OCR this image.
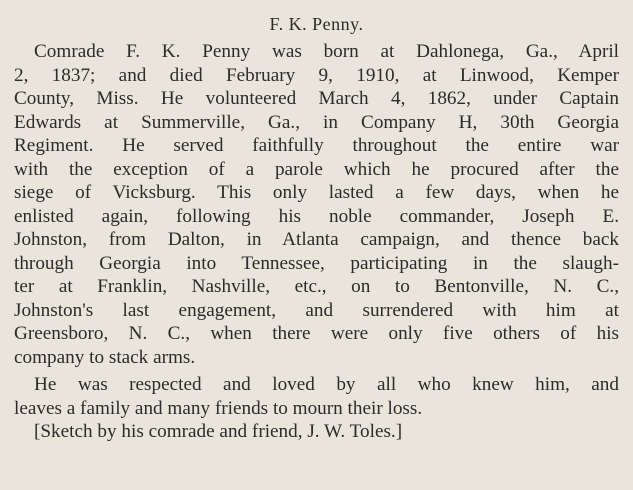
F. K. Penny.
Comrade F. K. Penny was born at Dahlonega, Ga., April
2, 1837; and died February 9, 1910, at Linwood, Kemper
County, Miss. He volunteered March 4, 1862, under Captain
Edwards at Summerville, Ga., in Company H, 30th Georgia
Regiment. He served faithfully throughout the entire war
with the exception of a parole which he procured after the
siege of Vicksburg. This only lasted a few days, when he
enlisted again, following his noble commander, Joseph E.
Johnston, from Dalton, in Atlanta campaign, and thence back
through Georgia into Tennessee, participating in the slaugh-
ter at Franklin, Nashville, etc., on to Bentonville, N. C.,
Johnston's last engagement, and surrendered with him at
Greensboro, N. C., when there were only five others of his
company to stack arms.
He was respected and loved by all who knew him, and
leaves a family and many friends to mourn their loss.
[Sketch by his comrade and friend, J. W. Toles.]
